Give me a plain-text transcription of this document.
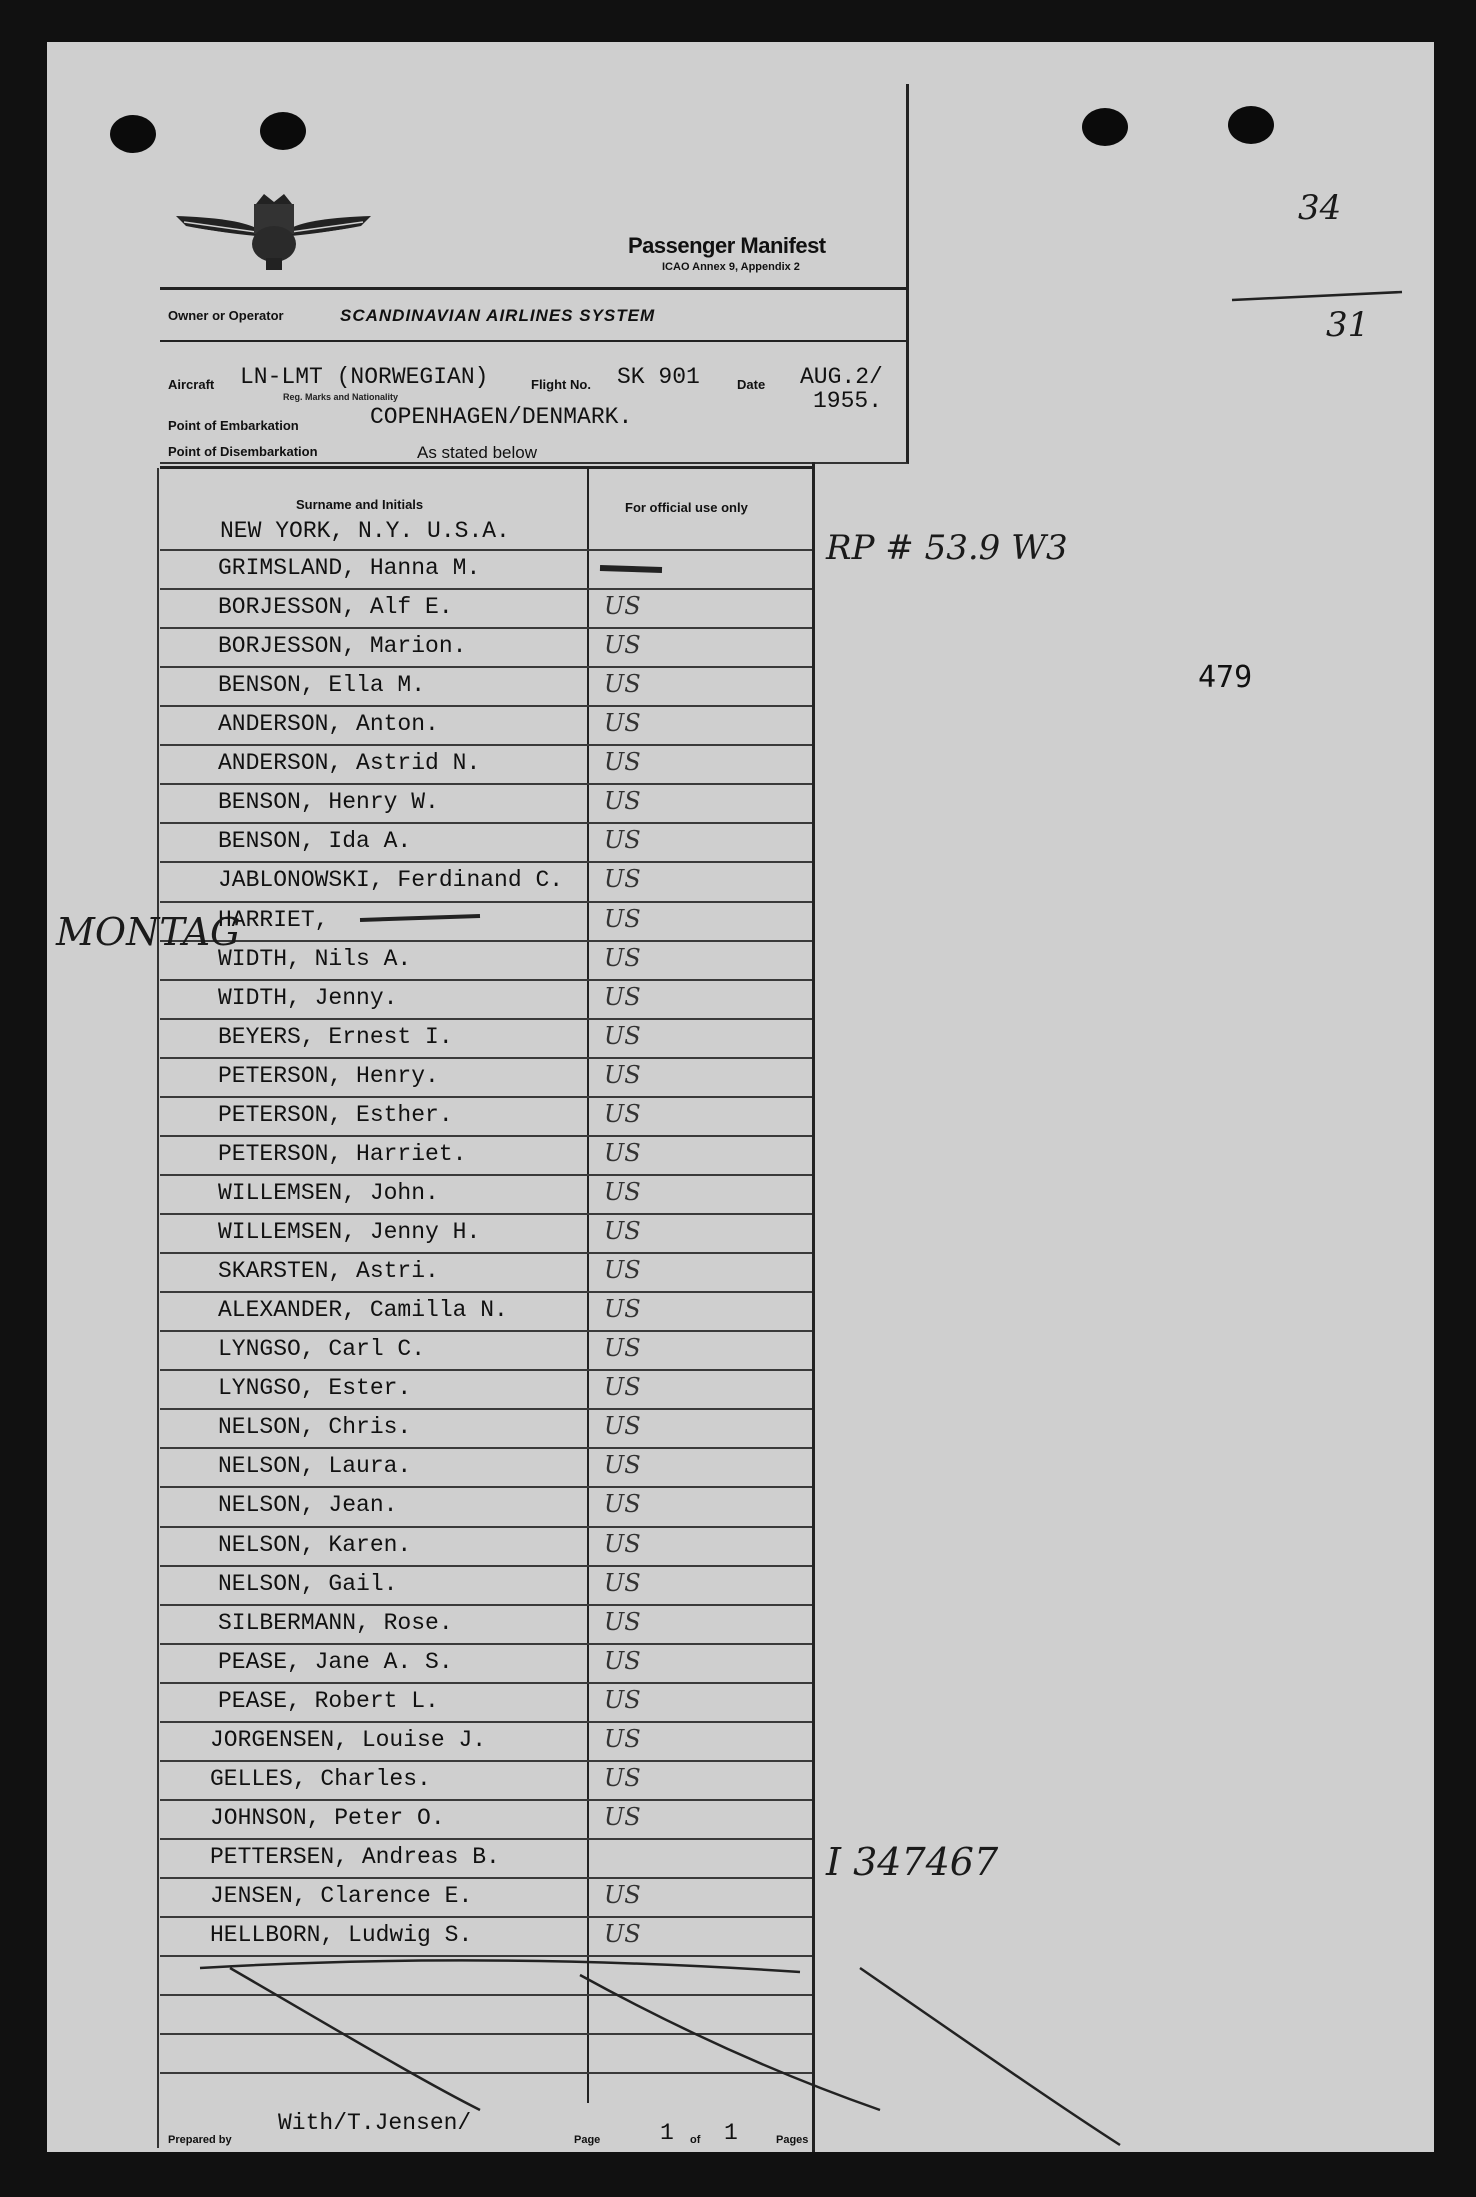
Passenger Manifest
ICAO Annex 9, Appendix 2
Owner or Operator	SCANDINAVIAN AIRLINES SYSTEM
Aircraft LN-LMT (NORWEGIAN)
Reg. Marks and Nationality
Flight No. SK 901	Date AUG.2/
1955.
Point of Embarkation	COPENHAGEN/DENMARK.
Point of Disembarkation	As stated below
Surname and Initials	For official use only
NEW YORK, N.Y. U.S.A.
GRIMSLAND, Hanna M.
BORJESSON, Alf E.	US
BORJESSON, Marion.	US
BENSON, Ella M.	US
ANDERSON, Anton.	US
ANDERSON, Astrid N.	US
BENSON, Henry W.	US
BENSON, Ida A.	US
JABLONOWSKI, Ferdinand C. US
HARRIET,	US
WIDTH, Nils A.	US
WIDTH, Jenny.	US
BEYERS, Ernest I.	US
PETERSON, Henry.	US
PETERSON, Esther.	US
PETERSON, Harriet.	US
WILLEMSEN, John.	US
WILLEMSEN, Jenny H.	US
SKARSTEN, Astri.	US
ALEXANDER, Camilla N.	US
LYNGSO, Carl C.	US
LYNGSO, Ester.	US
NELSON, Chris.	US
NELSON, Laura.	US
NELSON, Jean.	US
NELSON, Karen.	US
NELSON, Gail.	US
SILBERMANN, Rose.	US
PEASE, Jane A. S.	US
PEASE, Robert L.	US
JORGENSEN, Louise J.	US
GELLES, Charles.	US
JOHNSON, Peter O.	US
PETTERSEN, Andreas B.
JENSEN, Clarence E.	US
HELLBORN, Ludwig S.	US
MONTAG
34
31
RP # 53.9 W3
479
I 347467
Prepared by
With/T.Jensen/
Page	1 of 1	Pages
